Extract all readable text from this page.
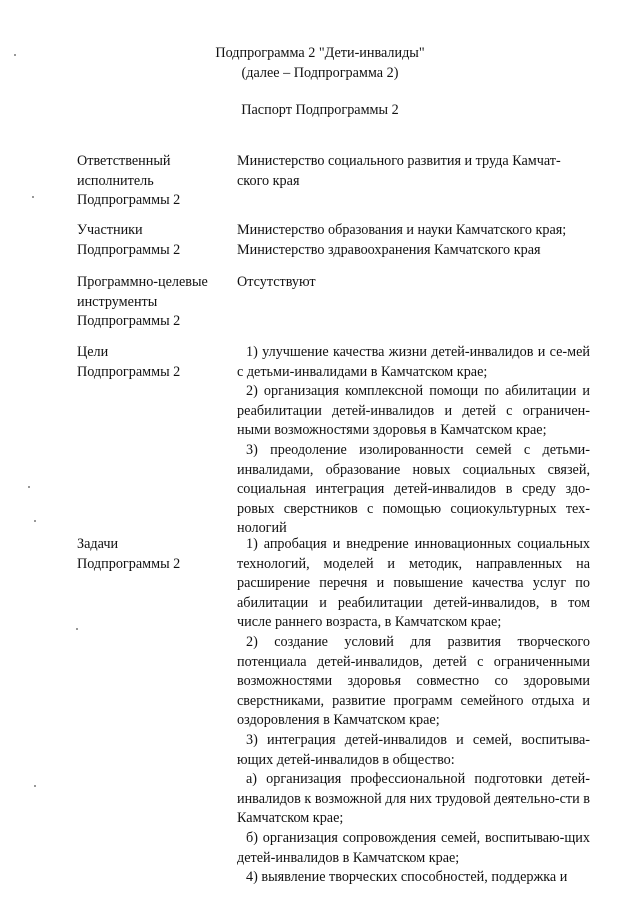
Подпрограмма 2 "Дети-инвалиды"
(далее – Подпрограмма 2)
Паспорт Подпрограммы 2
Ответственный
исполнитель
Подпрограммы 2
Министерство социального развития и труда Камчат-
ского края
Участники
Подпрограммы 2
Министерство образования и науки Камчатского края;
Министерство здравоохранения Камчатского края
Программно-целевые
инструменты
Подпрограммы 2
Отсутствуют
Цели
Подпрограммы 2

1) улучшение качества жизни детей-инвалидов и се-мей с детьми-инвалидами в Камчатском крае;

2) организация комплексной помощи по абилитации и реабилитации детей-инвалидов и детей с ограничен-ными возможностями здоровья в Камчатском крае;

3) преодоление изолированности семей с детьми-инвалидами, образование новых социальных связей, социальная интеграция детей-инвалидов в среду здо-ровых сверстников с помощью социокультурных тех-нологий

Задачи
Подпрограммы 2

1) апробация и внедрение инновационных социальных технологий, моделей и методик, направленных на расширение перечня и повышение качества услуг по абилитации и реабилитации детей-инвалидов, в том числе раннего возраста, в Камчатском крае;

2) создание условий для развития творческого потенциала детей-инвалидов, детей с ограниченными возможностями здоровья совместно со здоровыми сверстниками, развитие программ семейного отдыха и оздоровления в Камчатском крае;

3) интеграция детей-инвалидов и семей, воспитыва-ющих детей-инвалидов в общество:

а) организация профессиональной подготовки детей-инвалидов к возможной для них трудовой деятельно-сти в Камчатском крае;

б) организация сопровождения семей, воспитываю-щих детей-инвалидов в Камчатском крае;

4) выявление творческих способностей, поддержка и
